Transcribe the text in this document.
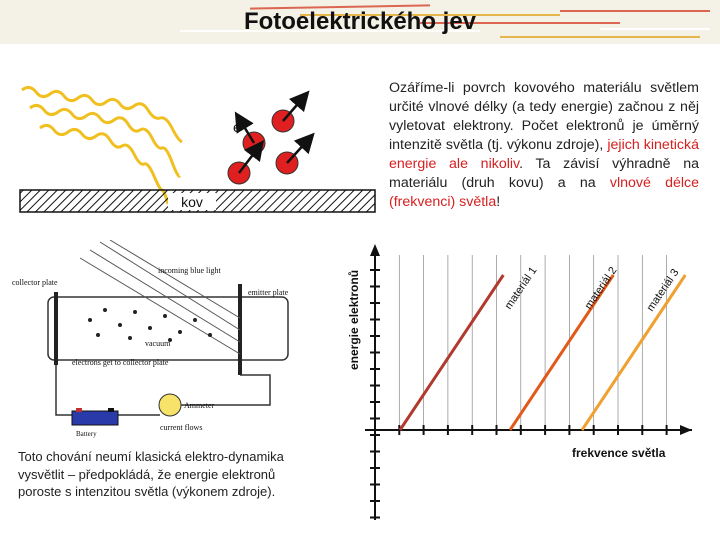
Fotoelektrického jev
e-
kov
Ozáříme-li povrch kovového materiálu světlem určité vlnové délky (a tedy energie) začnou z něj vyletovat elektrony. Počet elektronů je úměrný intenzitě světla (tj. výkonu zdroje), jejich kinetická energie ale nikoliv. Ta závisí výhradně na materiálu (druh kovu) a na vlnové délce (frekvenci) světla!
collector plate
incoming blue light
emitter plate
vacuum
electrons get to collector plate
Ammeter
Battery
current flows
Toto chování neumí klasická elektro-dynamika vysvětlit – předpokládá, že energie elektronů poroste s intenzitou světla (výkonem zdroje).
materiál 1	materiál 2 materiál 3
energie elektronů
frekvence světla
